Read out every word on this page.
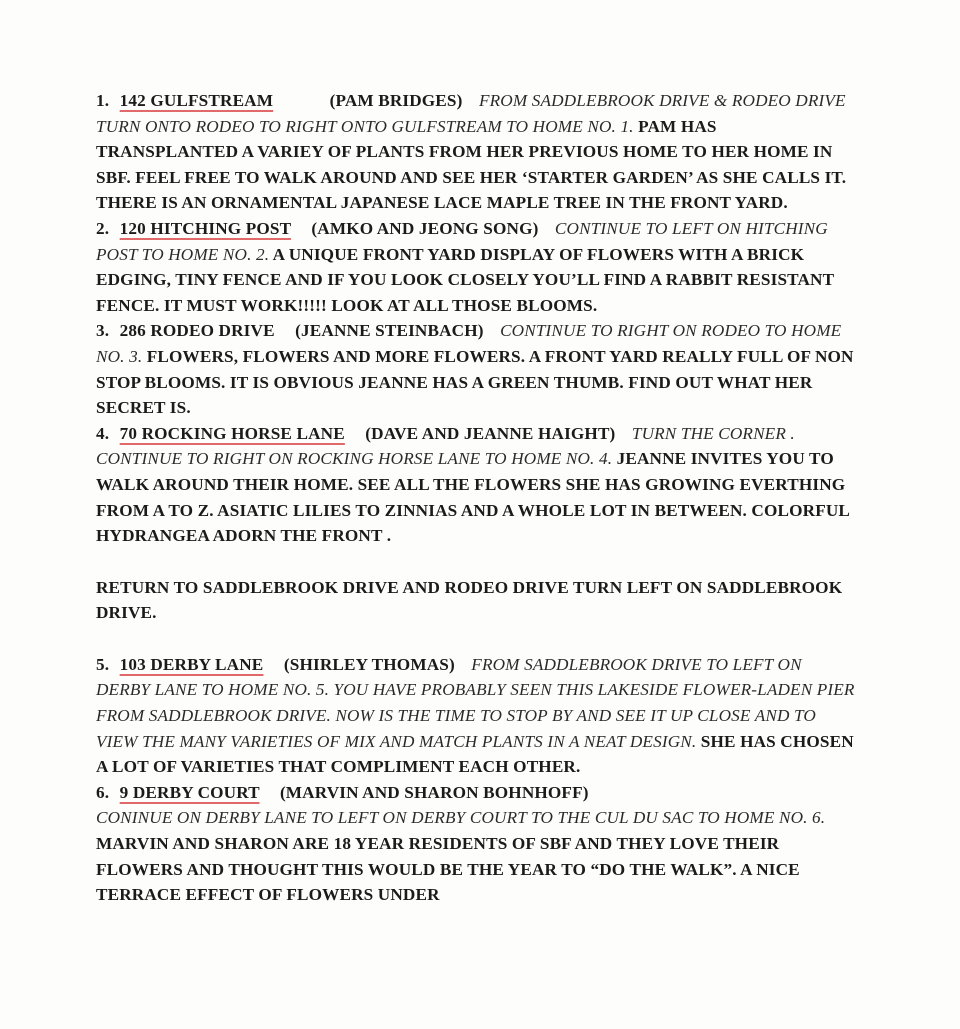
1. 142 GULFSTREAM	(PAM BRIDGES) FROM SADDLEBROOK DRIVE & RODEO DRIVE TURN ONTO RODEO TO RIGHT ONTO GULFSTREAM TO HOME NO. 1. PAM HAS TRANSPLANTED A VARIEY OF PLANTS FROM HER PREVIOUS HOME TO HER HOME IN SBF. FEEL FREE TO WALK AROUND AND SEE HER ‘STARTER GARDEN’ AS SHE CALLS IT. THERE IS AN ORNAMENTAL JAPANESE LACE MAPLE TREE IN THE FRONT YARD.

2. 120 HITCHING POST (AMKO AND JEONG SONG) CONTINUE TO LEFT ON HITCHING POST TO HOME NO. 2. A UNIQUE FRONT YARD DISPLAY OF FLOWERS WITH A BRICK EDGING, TINY FENCE AND IF YOU LOOK CLOSELY YOU’LL FIND A RABBIT RESISTANT FENCE. IT MUST WORK!!!!! LOOK AT ALL THOSE BLOOMS.

3. 286 RODEO DRIVE (JEANNE STEINBACH) CONTINUE TO RIGHT ON RODEO TO HOME NO. 3. FLOWERS, FLOWERS AND MORE FLOWERS. A FRONT YARD REALLY FULL OF NON STOP BLOOMS. IT IS OBVIOUS JEANNE HAS A GREEN THUMB. FIND OUT WHAT HER SECRET IS.

4. 70 ROCKING HORSE LANE (DAVE AND JEANNE HAIGHT) TURN THE CORNER . CONTINUE TO RIGHT ON ROCKING HORSE LANE TO HOME NO. 4. JEANNE INVITES YOU TO WALK AROUND THEIR HOME. SEE ALL THE FLOWERS SHE HAS GROWING EVERTHING FROM A TO Z. ASIATIC LILIES TO ZINNIAS AND A WHOLE LOT IN BETWEEN. COLORFUL HYDRANGEA ADORN THE FRONT .

RETURN TO SADDLEBROOK DRIVE AND RODEO DRIVE TURN LEFT ON SADDLEBROOK DRIVE.

5. 103 DERBY LANE (SHIRLEY THOMAS) FROM SADDLEBROOK DRIVE TO LEFT ON DERBY LANE TO HOME NO. 5. YOU HAVE PROBABLY SEEN THIS LAKESIDE FLOWER-LADEN PIER FROM SADDLEBROOK DRIVE. NOW IS THE TIME TO STOP BY AND SEE IT UP CLOSE AND TO VIEW THE MANY VARIETIES OF MIX AND MATCH PLANTS IN A NEAT DESIGN. SHE HAS CHOSEN A LOT OF VARIETIES THAT COMPLIMENT EACH OTHER.

6. 9 DERBY COURT (MARVIN AND SHARON BOHNHOFF)
CONINUE ON DERBY LANE TO LEFT ON DERBY COURT TO THE CUL DU SAC TO HOME NO. 6. MARVIN AND SHARON ARE 18 YEAR RESIDENTS OF SBF AND THEY LOVE THEIR FLOWERS AND THOUGHT THIS WOULD BE THE YEAR TO “DO THE WALK”. A NICE TERRACE EFFECT OF FLOWERS UNDER
